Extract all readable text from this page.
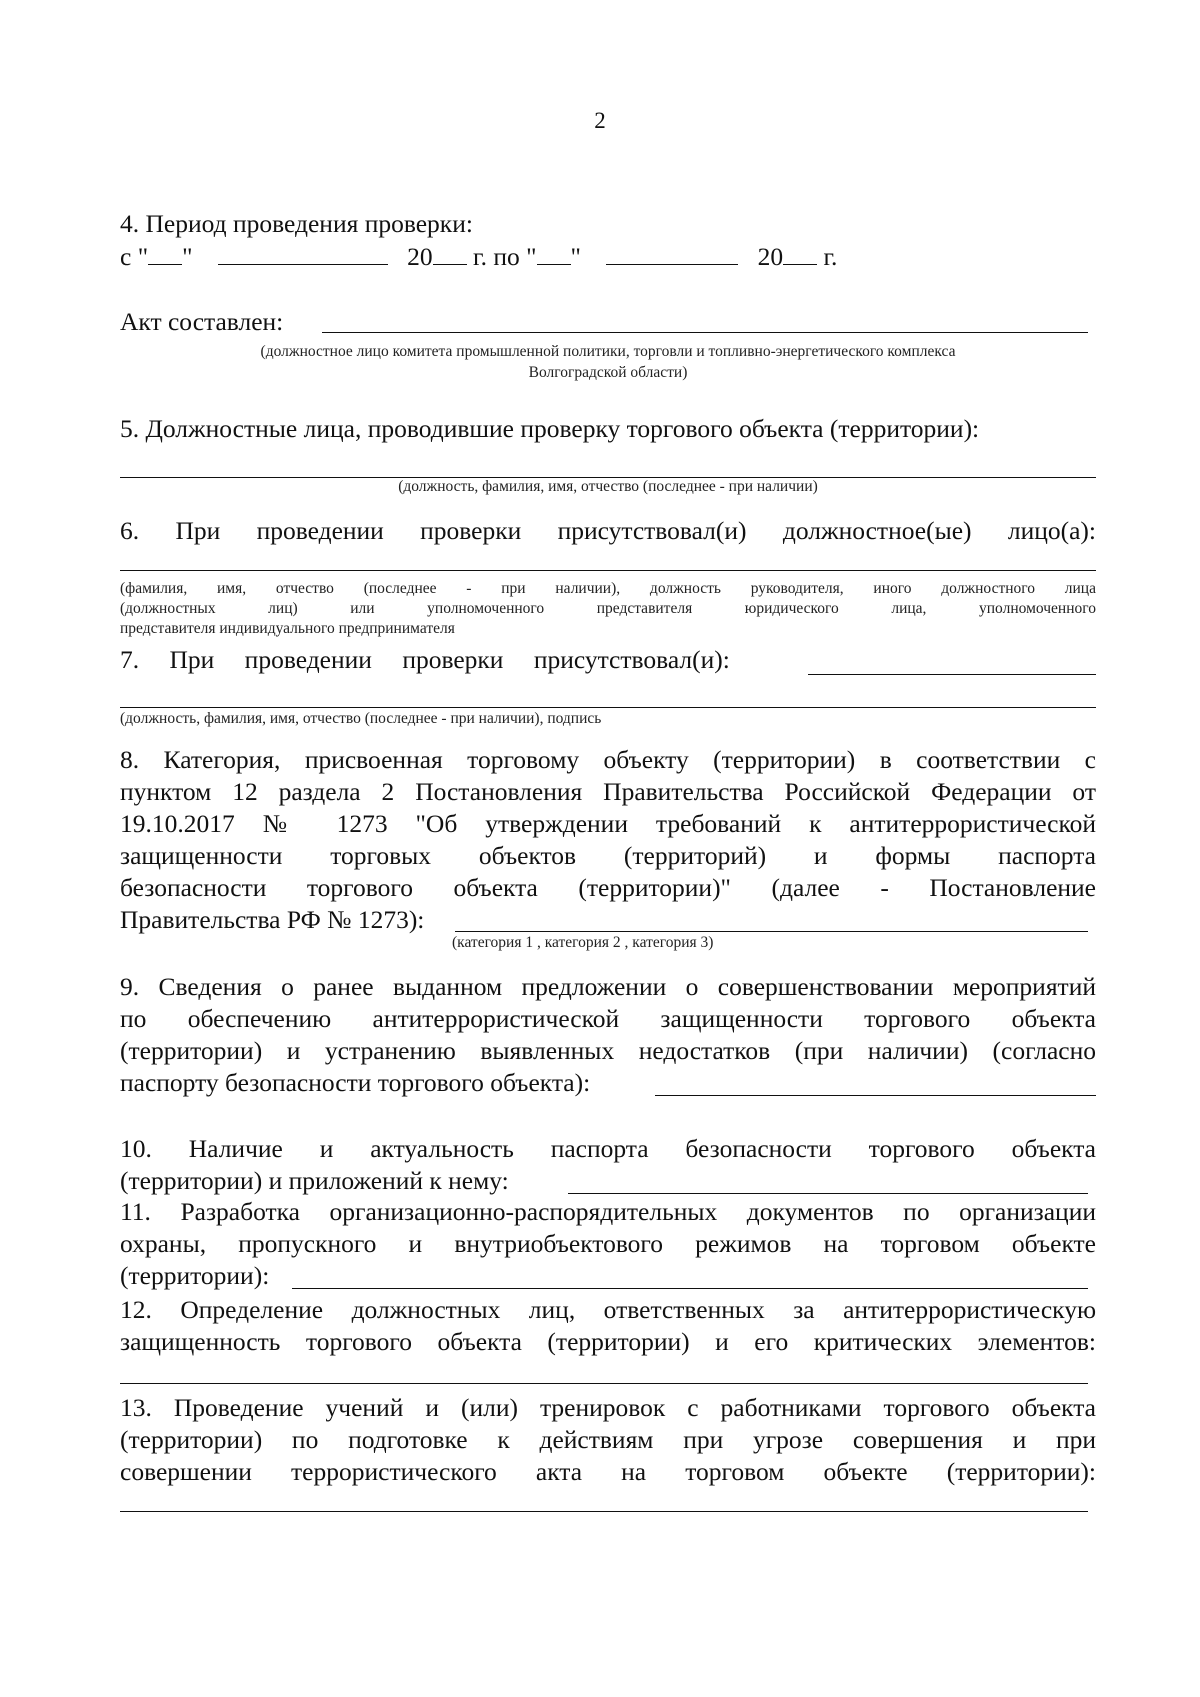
2
4. Период проведения проверки:
с " "	20 г. по " "	20 г.
Акт составлен:
(должностное лицо комитета промышленной политики, торговли и топливно-энергетического комплекса
Волгоградской области)
5. Должностные лица, проводившие проверку торгового объекта (территории):
(должность, фамилия, имя, отчество (последнее - при наличии)
6. При проведении проверки присутствовал(и) должностное(ые) лицо(а):
(фамилия, имя, отчество (последнее - при наличии), должность руководителя, иного должностного лица
(должностных лиц) или уполномоченного представителя юридического лица, уполномоченного
представителя индивидуального предпринимателя
7. При проведении проверки присутствовал(и):
(должность, фамилия, имя, отчество (последнее - при наличии), подпись
8. Категория, присвоенная торговому объекту (территории) в соответствии с
пунктом 12 раздела 2 Постановления Правительства Российской Федерации от
19.10.2017 № 1273 "Об утверждении требований к антитеррористической
защищенности торговых объектов (территорий) и формы паспорта
безопасности торгового объекта (территории)" (далее - Постановление
Правительства РФ № 1273):
(категория 1 , категория 2 , категория 3)
9. Сведения о ранее выданном предложении о совершенствовании мероприятий
по обеспечению антитеррористической защищенности торгового объекта
(территории) и устранению выявленных недостатков (при наличии) (согласно
паспорту безопасности торгового объекта):
10. Наличие и актуальность паспорта безопасности торгового объекта
(территории) и приложений к нему:
11. Разработка организационно-распорядительных документов по организации
охраны, пропускного и внутриобъектового режимов на торговом объекте
(территории):
12. Определение должностных лиц, ответственных за антитеррористическую
защищенность торгового объекта (территории) и его критических элементов:
13. Проведение учений и (или) тренировок с работниками торгового объекта
(территории) по подготовке к действиям при угрозе совершения и при
совершении террористического акта на торговом объекте (территории):
